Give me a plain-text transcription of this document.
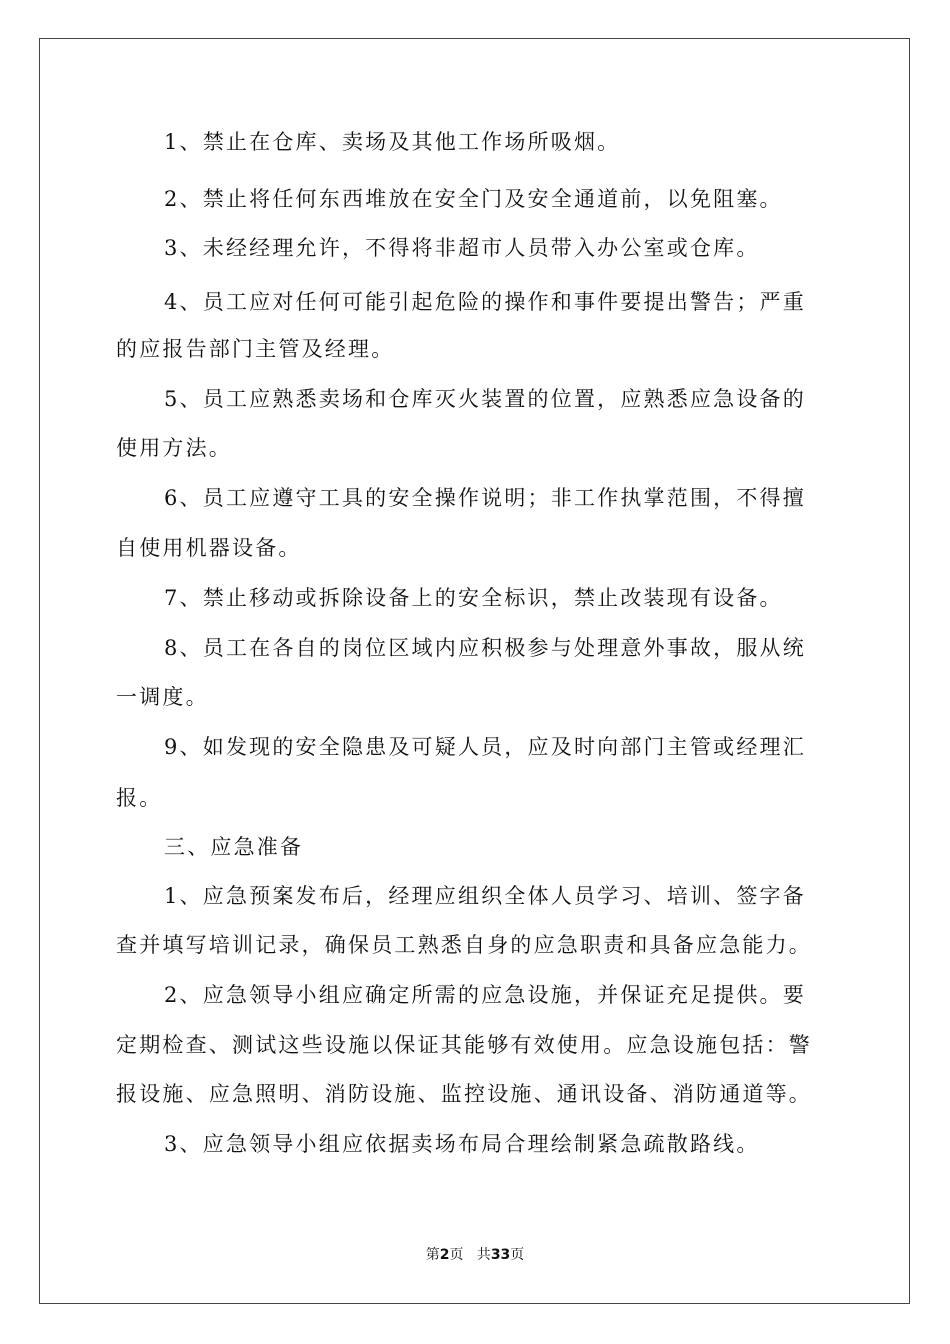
1、禁止在仓库、卖场及其他工作场所吸烟。
2、禁止将任何东西堆放在安全门及安全通道前，以免阻塞。
3、未经经理允许，不得将非超市人员带入办公室或仓库。
4、员工应对任何可能引起危险的操作和事件要提出警告；严重
的应报告部门主管及经理。
5、员工应熟悉卖场和仓库灭火装置的位置，应熟悉应急设备的
使用方法。
6、员工应遵守工具的安全操作说明；非工作执掌范围，不得擅
自使用机器设备。
7、禁止移动或拆除设备上的安全标识，禁止改装现有设备。
8、员工在各自的岗位区域内应积极参与处理意外事故，服从统
一调度。
9、如发现的安全隐患及可疑人员，应及时向部门主管或经理汇
报。
三、应急准备
1、应急预案发布后，经理应组织全体人员学习、培训、签字备
查并填写培训记录，确保员工熟悉自身的应急职责和具备应急能力。
2、应急领导小组应确定所需的应急设施，并保证充足提供。要
定期检查、测试这些设施以保证其能够有效使用。应急设施包括：警
报设施、应急照明、消防设施、监控设施、通讯设备、消防通道等。
3、应急领导小组应依据卖场布局合理绘制紧急疏散路线。
第2页   共33页
